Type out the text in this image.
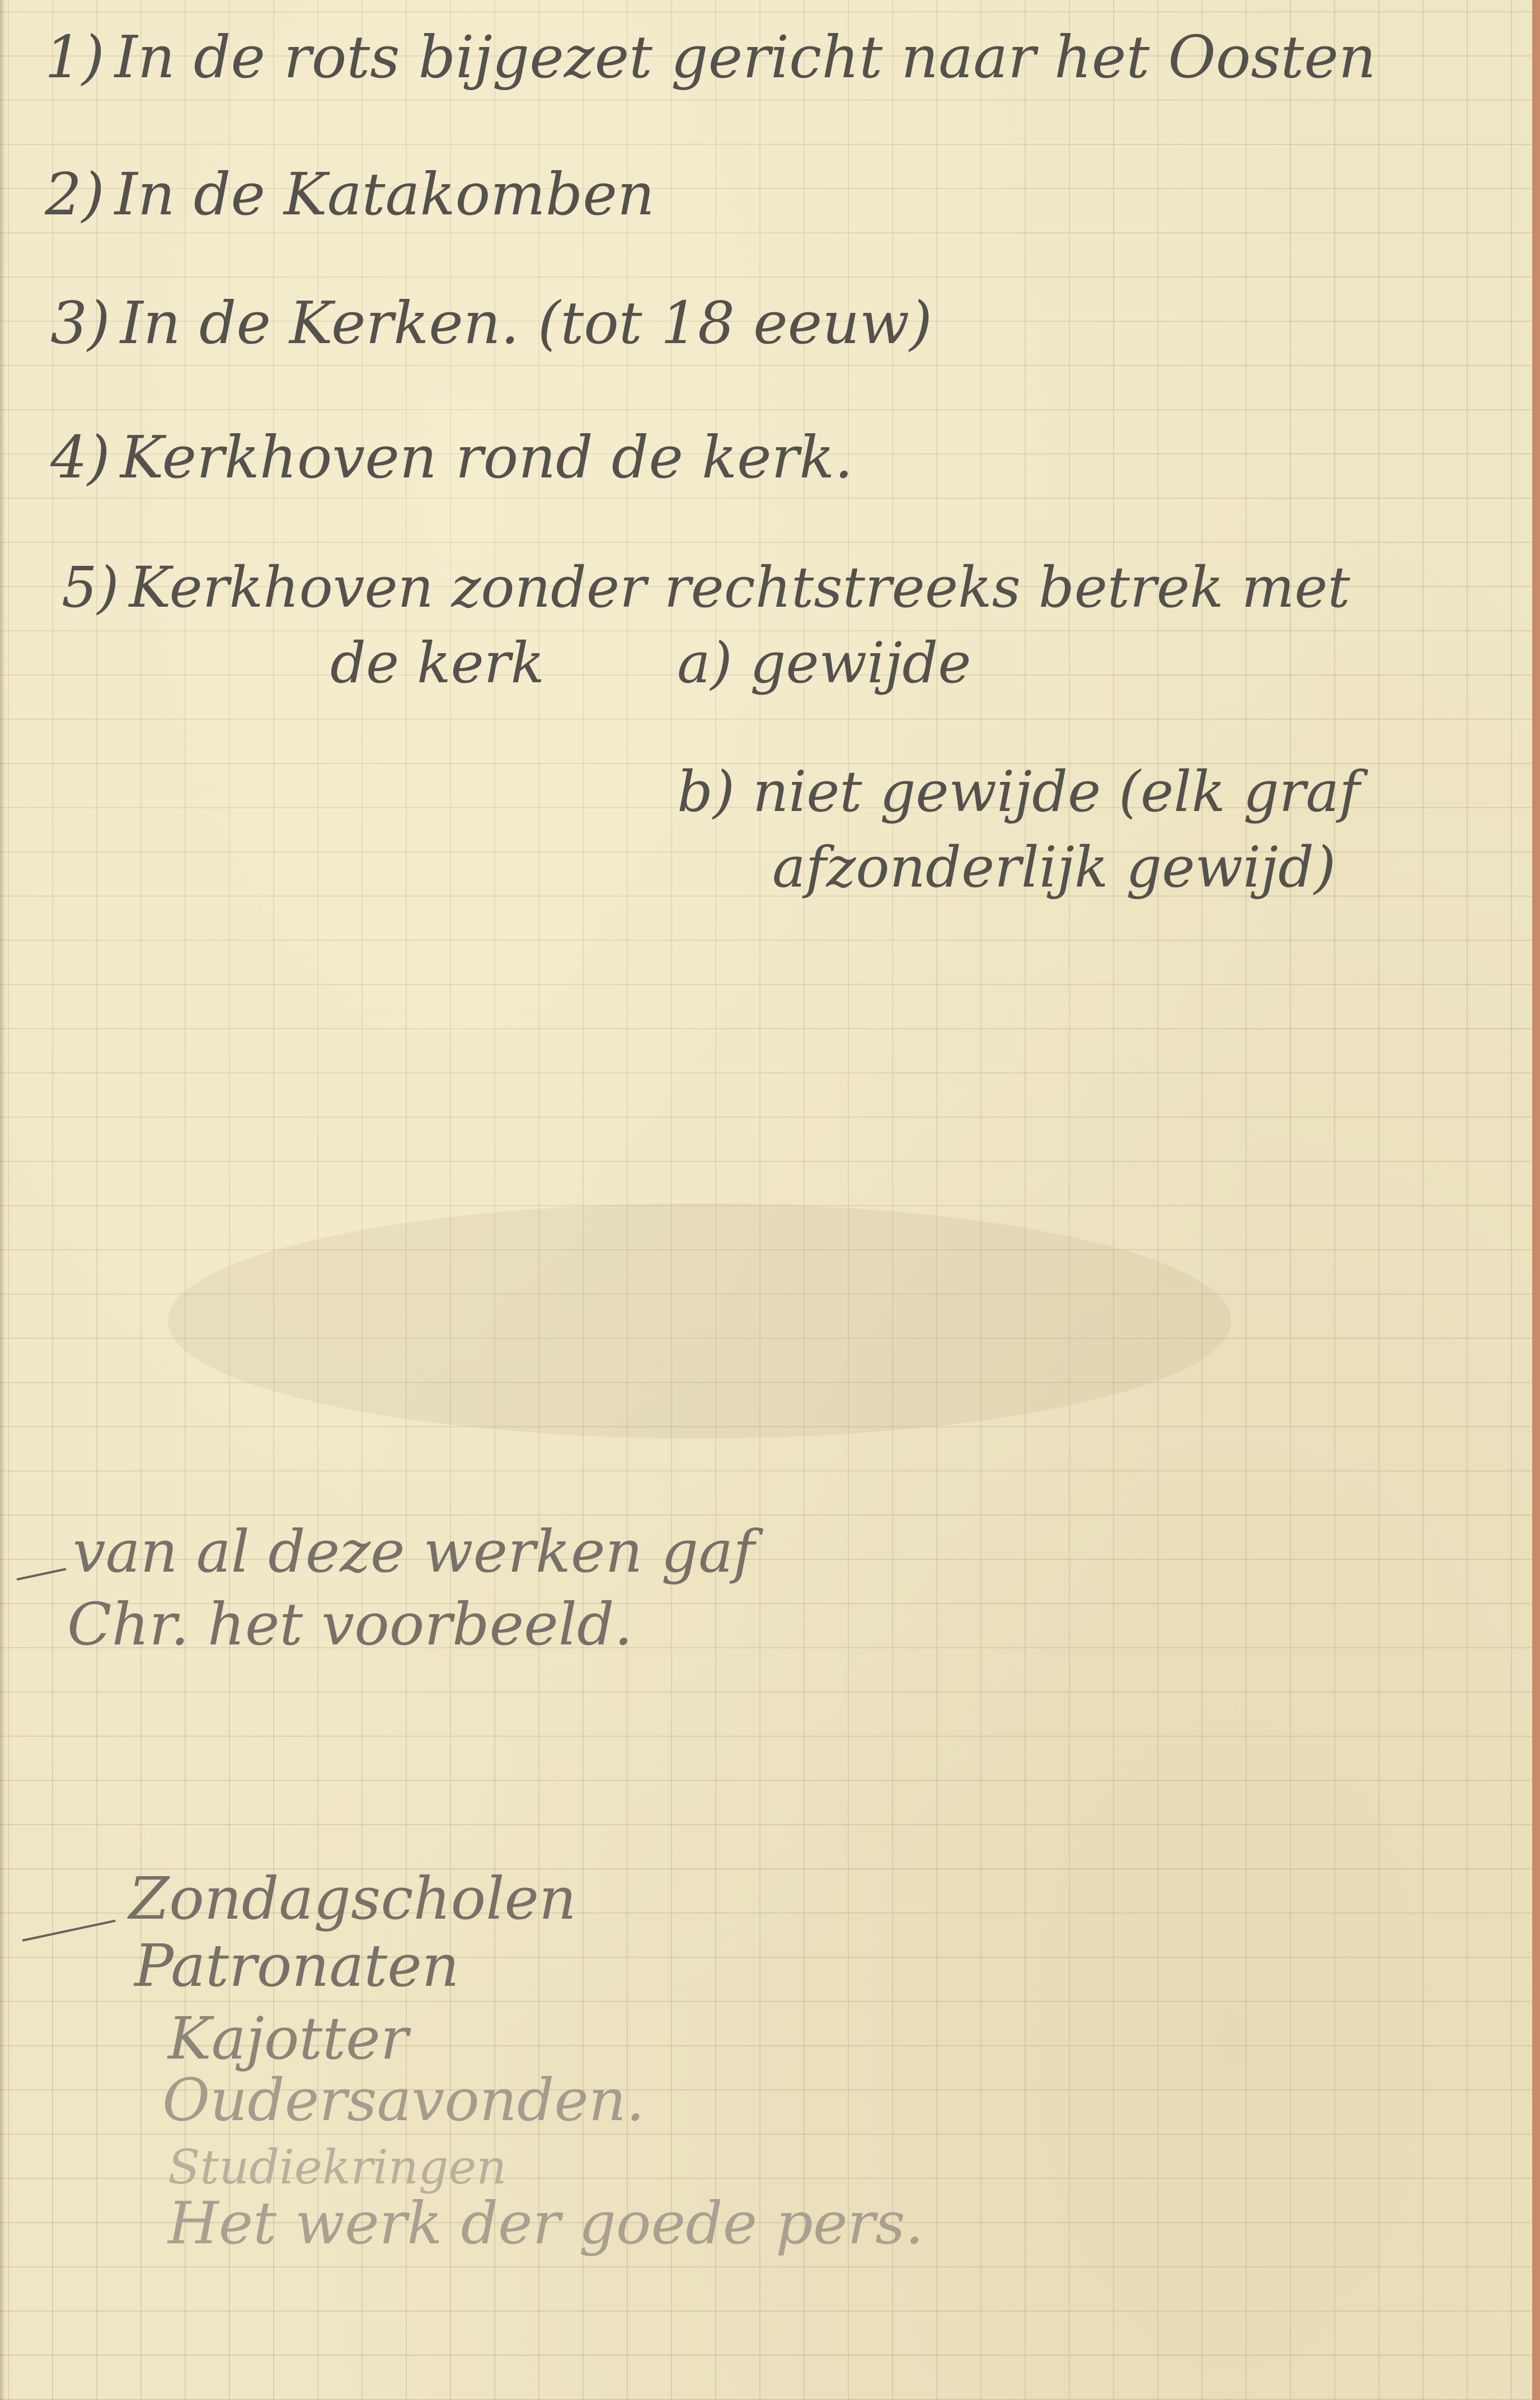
1) In de rots bijgezet gericht naar het Oosten
2) In de Katakomben
3) In de Kerken. (tot 18 eeuw)
4) Kerkhoven rond de kerk.
5) Kerkhoven zonder rechtstreeks betrek met
de kerk a) gewijde
b) niet gewijde (elk graf
afzonderlijk gewijd)
van al deze werken gaf
Chr. het voorbeeld.
Zondagscholen
Patronaten
Kajotter
Oudersavonden.
Studiekringen
Het werk der goede pers.
